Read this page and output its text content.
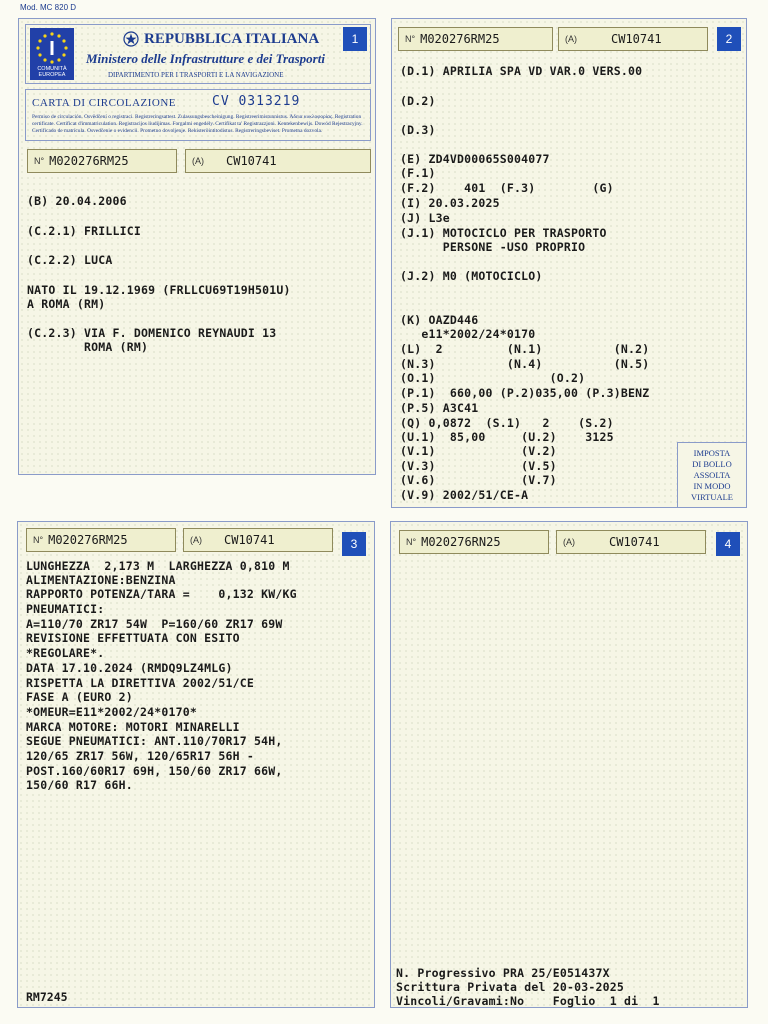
Mod. MC 820 D
1
COMUNITÀ EUROPEA
REPUBBLICA ITALIANA
Ministero delle Infrastrutture e dei Trasporti
DIPARTIMENTO PER I TRASPORTI E LA NAVIGAZIONE
CARTA DI CIRCOLAZIONE	CV 0313219
Permiso de circulación. Osvědčení o registraci. Registreringsattest. Zulassungsbescheinigung. Registreerimistunnistus. Άδεια κυκλοφορίας. Registration certificate. Certificat d'immatriculation. Registracijos liudijimas. Forgalmi engedély. Certifikat ta' Registrazzjoni. Kentekenbewijs. Dowód Rejestracyjny. Certificado de matrícula. Osvedčenie o evidencii. Prometno dovoljenje. Rekisteröintitodistus. Registreringsbeviset. Prometna dozvola.
N° M020276RM25	(A) CW10741
(B) 20.04.2006
(C.2.1) FRILLICI
(C.2.2) LUCA
NATO IL 19.12.1969 (FRLLCU69T19H501U)
A ROMA (RM)
(C.2.3) VIA F. DOMENICO REYNAUDI 13
ROMA (RM)
N° M020276RM25	(A)	CW10741	2
(D.1) APRILIA SPA VD VAR.0 VERS.00
(D.2)
(D.3)
(E) ZD4VD00065S004077
(F.1)
(F.2)    401  (F.3)        (G)
(I) 20.03.2025
(J) L3e
(J.1) MOTOCICLO PER TRASPORTO
PERSONE -USO PROPRIO
(J.2) M0 (MOTOCICLO)
(K) OAZD446
e11*2002/24*0170
(L)  2         (N.1)          (N.2)
(N.3)          (N.4)          (N.5)
(O.1)                (O.2)
(P.1)  660,00 (P.2)035,00 (P.3)BENZ
(P.5) A3C41
(Q) 0,0872  (S.1)   2    (S.2)
(U.1)  85,00     (U.2)    3125
(V.1)            (V.2)
(V.3)            (V.5)
(V.6)            (V.7)
(V.9) 2002/51/CE-A
IMPOSTA
DI BOLLO
ASSOLTA
IN MODO
VIRTUALE
N° M020276RM25	(A) CW10741	3
LUNGHEZZA  2,173 M  LARGHEZZA 0,810 M
ALIMENTAZIONE:BENZINA
RAPPORTO POTENZA/TARA =    0,132 KW/KG
PNEUMATICI:
A=110/70 ZR17 54W  P=160/60 ZR17 69W
REVISIONE EFFETTUATA CON ESITO
*REGOLARE*.
DATA 17.10.2024 (RMDQ9LZ4MLG)
RISPETTA LA DIRETTIVA 2002/51/CE
FASE A (EURO 2)
*OMEUR=E11*2002/24*0170*
MARCA MOTORE: MOTORI MINARELLI
SEGUE PNEUMATICI: ANT.110/70R17 54H,
120/65 ZR17 56W, 120/65R17 56H -
POST.160/60R17 69H, 150/60 ZR17 66W,
150/60 R17 66H.
RM7245
N° M020276RN25	(A)	CW10741	4
N. Progressivo PRA 25/E051437X
Scrittura Privata del 20-03-2025
Vincoli/Gravami:No    Foglio  1 di  1
